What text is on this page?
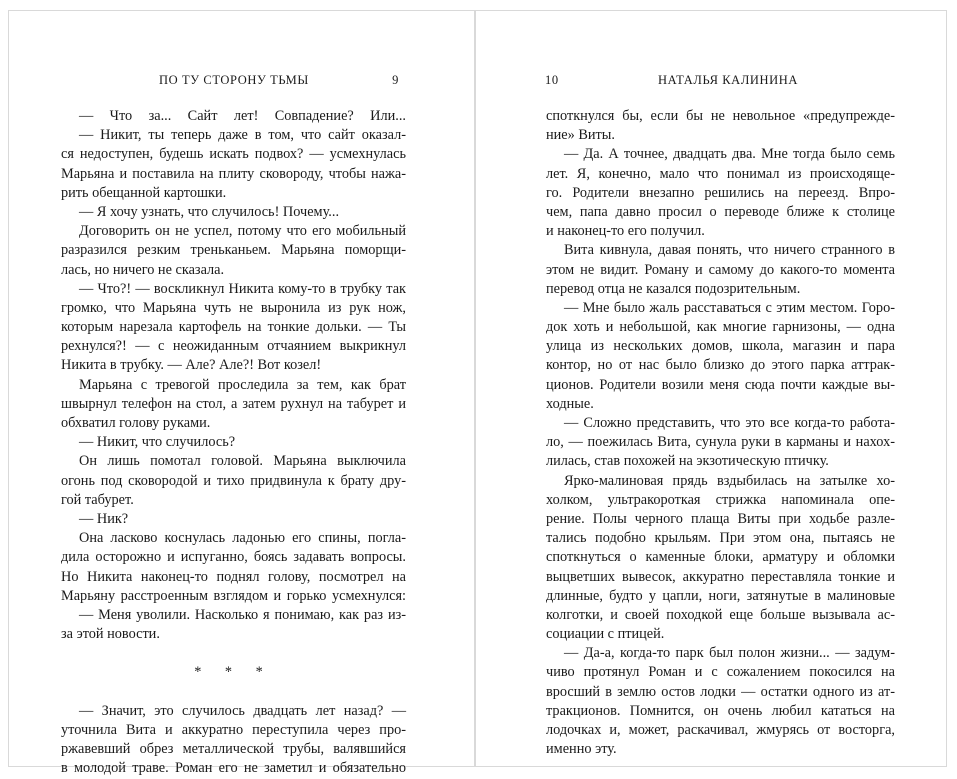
ПО ТУ СТОРОНУ ТЬМЫ	9
— Что за... Сайт лет! Совпадение? Или...
— Никит, ты теперь даже в том, что сайт оказал-
ся недоступен, будешь искать подвох? — усмехнулась
Марьяна и поставила на плиту сковороду, чтобы нажа-
рить обещанной картошки.
— Я хочу узнать, что случилось! Почему...
Договорить он не успел, потому что его мобильный
разразился резким треньканьем. Марьяна поморщи-
лась, но ничего не сказала.
— Что?! — воскликнул Никита кому-то в трубку так
громко, что Марьяна чуть не выронила из рук нож,
которым нарезала картофель на тонкие дольки. — Ты
рехнулся?! — с неожиданным отчаянием выкрикнул
Никита в трубку. — Але? Але?! Вот козел!
Марьяна с тревогой проследила за тем, как брат
швырнул телефон на стол, а затем рухнул на табурет и
обхватил голову руками.
— Никит, что случилось?
Он лишь помотал головой. Марьяна выключила
огонь под сковородой и тихо придвинула к брату дру-
гой табурет.
— Ник?
Она ласково коснулась ладонью его спины, погла-
дила осторожно и испуганно, боясь задавать вопросы.
Но Никита наконец-то поднял голову, посмотрел на
Марьяну расстроенным взглядом и горько усмехнулся:
— Меня уволили. Насколько я понимаю, как раз из-
за этой новости.
* * *
— Значит, это случилось двадцать лет назад? —
уточнила Вита и аккуратно переступила через про-
ржавевший обрез металлической трубы, валявшийся
в молодой траве. Роман его не заметил и обязательно
10	НАТАЛЬЯ КАЛИНИНА
споткнулся бы, если бы не невольное «предупрежде-
ние» Виты.
— Да. А точнее, двадцать два. Мне тогда было семь
лет. Я, конечно, мало что понимал из происходяще-
го. Родители внезапно решились на переезд. Впро-
чем, папа давно просил о переводе ближе к столице
и наконец-то его получил.
Вита кивнула, давая понять, что ничего странного в
этом не видит. Роману и самому до какого-то момента
перевод отца не казался подозрительным.
— Мне было жаль расставаться с этим местом. Горо-
док хоть и небольшой, как многие гарнизоны, — одна
улица из нескольких домов, школа, магазин и пара
контор, но от нас было близко до этого парка аттрак-
ционов. Родители возили меня сюда почти каждые вы-
ходные.
— Сложно представить, что это все когда-то работа-
ло, — поежилась Вита, сунула руки в карманы и нахох-
лилась, став похожей на экзотическую птичку.
Ярко-малиновая прядь вздыбилась на затылке хо-
холком, ультракороткая стрижка напоминала опе-
рение. Полы черного плаща Виты при ходьбе разле-
тались подобно крыльям. При этом она, пытаясь не
споткнуться о каменные блоки, арматуру и обломки
выцветших вывесок, аккуратно переставляла тонкие и
длинные, будто у цапли, ноги, затянутые в малиновые
колготки, и своей походкой еще больше вызывала ас-
социации с птицей.
— Да-а, когда-то парк был полон жизни... — задум-
чиво протянул Роман и с сожалением покосился на
вросший в землю остов лодки — остатки одного из ат-
тракционов. Помнится, он очень любил кататься на
лодочках и, может, раскачивал, жмурясь от восторга,
именно эту.
